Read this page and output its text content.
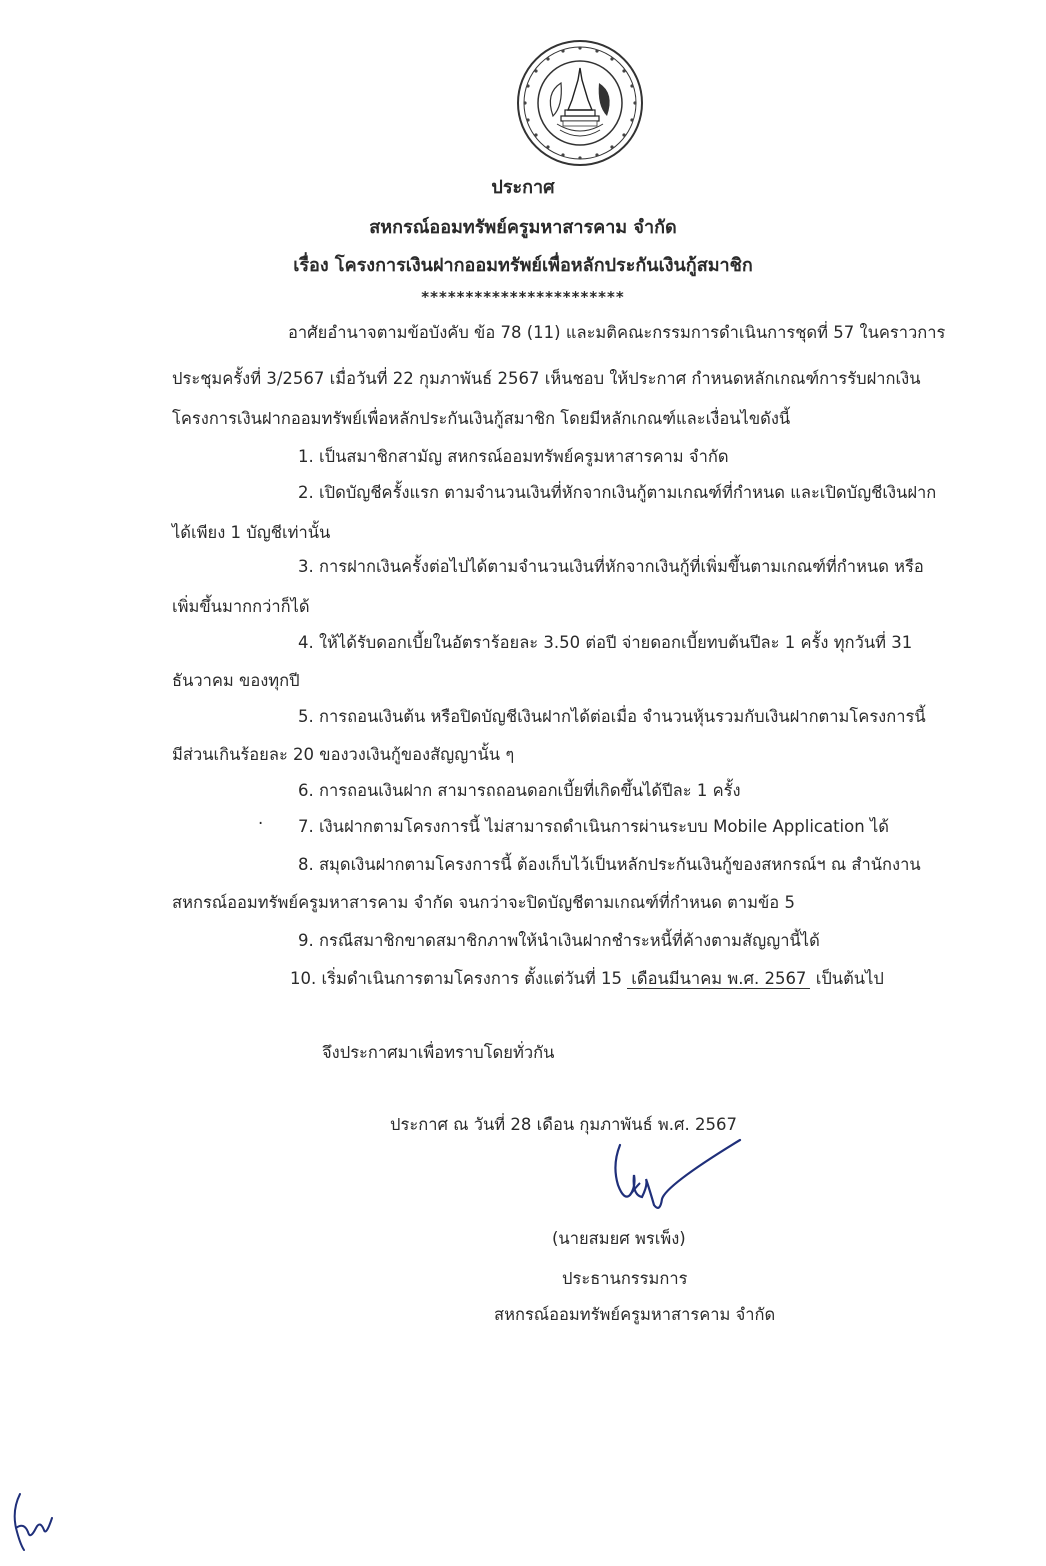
ประกาศ
สหกรณ์ออมทรัพย์ครูมหาสารคาม จำกัด
เรื่อง โครงการเงินฝากออมทรัพย์เพื่อหลักประกันเงินกู้สมาชิก
***********************
อาศัยอำนาจตามข้อบังคับ ข้อ 78 (11) และมติคณะกรรมการดำเนินการชุดที่ 57 ในคราวการ
ประชุมครั้งที่ 3/2567 เมื่อวันที่ 22 กุมภาพันธ์ 2567 เห็นชอบ ให้ประกาศ กำหนดหลักเกณฑ์การรับฝากเงิน
โครงการเงินฝากออมทรัพย์เพื่อหลักประกันเงินกู้สมาชิก โดยมีหลักเกณฑ์และเงื่อนไขดังนี้
1. เป็นสมาชิกสามัญ สหกรณ์ออมทรัพย์ครูมหาสารคาม จำกัด
2. เปิดบัญชีครั้งแรก ตามจำนวนเงินที่หักจากเงินกู้ตามเกณฑ์ที่กำหนด และเปิดบัญชีเงินฝาก
ได้เพียง 1 บัญชีเท่านั้น
3. การฝากเงินครั้งต่อไปได้ตามจำนวนเงินที่หักจากเงินกู้ที่เพิ่มขึ้นตามเกณฑ์ที่กำหนด หรือ
เพิ่มขึ้นมากกว่าก็ได้
4. ให้ได้รับดอกเบี้ยในอัตราร้อยละ 3.50 ต่อปี จ่ายดอกเบี้ยทบต้นปีละ 1 ครั้ง ทุกวันที่ 31
ธันวาคม ของทุกปี
5. การถอนเงินต้น หรือปิดบัญชีเงินฝากได้ต่อเมื่อ จำนวนหุ้นรวมกับเงินฝากตามโครงการนี้
มีส่วนเกินร้อยละ 20 ของวงเงินกู้ของสัญญานั้น ๆ
6. การถอนเงินฝาก สามารถถอนดอกเบี้ยที่เกิดขึ้นได้ปีละ 1 ครั้ง
· 7. เงินฝากตามโครงการนี้ ไม่สามารถดำเนินการผ่านระบบ Mobile Application ได้
8. สมุดเงินฝากตามโครงการนี้ ต้องเก็บไว้เป็นหลักประกันเงินกู้ของสหกรณ์ฯ ณ สำนักงาน
สหกรณ์ออมทรัพย์ครูมหาสารคาม จำกัด จนกว่าจะปิดบัญชีตามเกณฑ์ที่กำหนด ตามข้อ 5
9. กรณีสมาชิกขาดสมาชิกภาพให้นำเงินฝากชำระหนี้ที่ค้างตามสัญญานี้ได้
10. เริ่มดำเนินการตามโครงการ ตั้งแต่วันที่ 15 เดือนมีนาคม พ.ศ. 2567 เป็นต้นไป
จึงประกาศมาเพื่อทราบโดยทั่วกัน
ประกาศ ณ วันที่ 28 เดือน กุมภาพันธ์ พ.ศ. 2567
(นายสมยศ พรเพ็ง)
ประธานกรรมการ
สหกรณ์ออมทรัพย์ครูมหาสารคาม จำกัด
